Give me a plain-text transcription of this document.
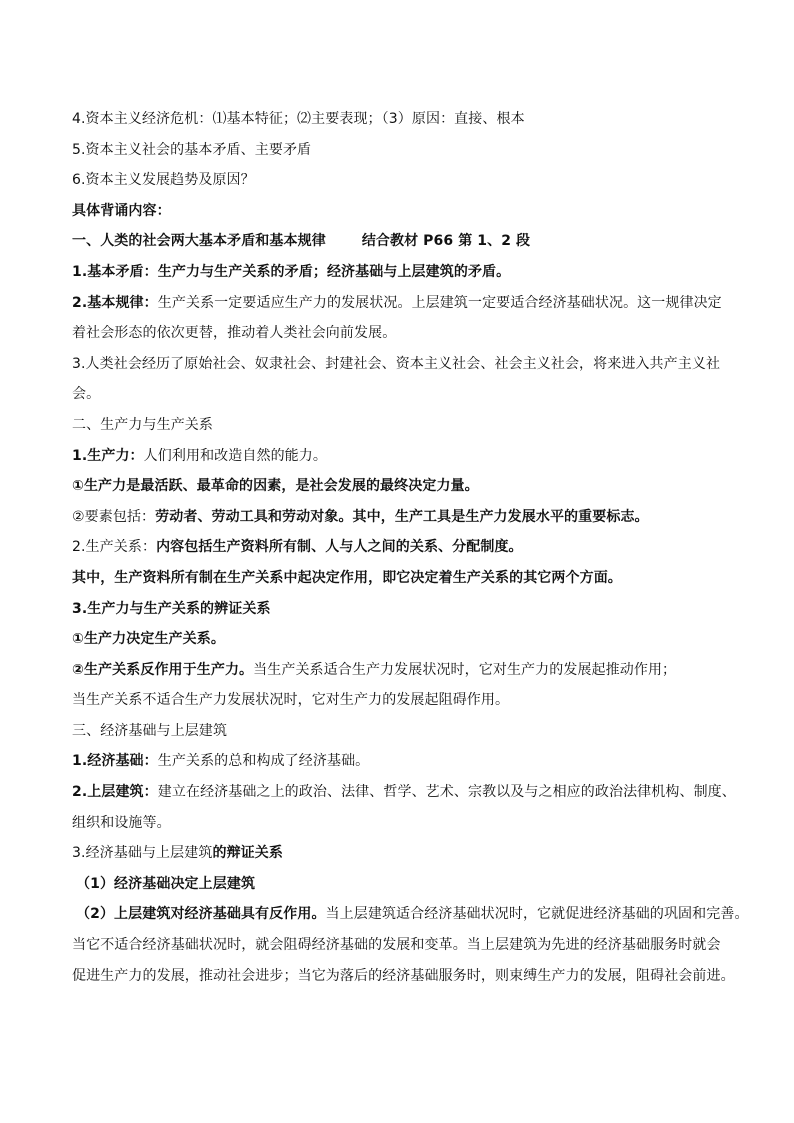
4.资本主义经济危机：⑴基本特征；⑵主要表现；（3）原因：直接、根本
5.资本主义社会的基本矛盾、主要矛盾
6.资本主义发展趋势及原因？
具体背诵内容：
一、人类的社会两大基本矛盾和基本规律	结合教材 P66 第 1、2 段
1.基本矛盾：生产力与生产关系的矛盾；经济基础与上层建筑的矛盾。
2.基本规律：生产关系一定要适应生产力的发展状况。上层建筑一定要适合经济基础状况。这一规律决定
着社会形态的依次更替，推动着人类社会向前发展。
3.人类社会经历了原始社会、奴隶社会、封建社会、资本主义社会、社会主义社会，将来进入共产主义社
会。
二、生产力与生产关系
1.生产力：人们利用和改造自然的能力。
①生产力是最活跃、最革命的因素，是社会发展的最终决定力量。
②要素包括：劳动者、劳动工具和劳动对象。其中，生产工具是生产力发展水平的重要标志。
2.生产关系：内容包括生产资料所有制、人与人之间的关系、分配制度。
其中，生产资料所有制在生产关系中起决定作用，即它决定着生产关系的其它两个方面。
3.生产力与生产关系的辨证关系
①生产力决定生产关系。
②生产关系反作用于生产力。当生产关系适合生产力发展状况时，它对生产力的发展起推动作用；
当生产关系不适合生产力发展状况时，它对生产力的发展起阻碍作用。
三、经济基础与上层建筑
1.经济基础：生产关系的总和构成了经济基础。
2.上层建筑：建立在经济基础之上的政治、法律、哲学、艺术、宗教以及与之相应的政治法律机构、制度、
组织和设施等。
3.经济基础与上层建筑的辩证关系
（1）经济基础决定上层建筑
（2）上层建筑对经济基础具有反作用。当上层建筑适合经济基础状况时，它就促进经济基础的巩固和完善。
当它不适合经济基础状况时，就会阻碍经济基础的发展和变革。当上层建筑为先进的经济基础服务时就会
促进生产力的发展，推动社会进步；当它为落后的经济基础服务时，则束缚生产力的发展，阻碍社会前进。
